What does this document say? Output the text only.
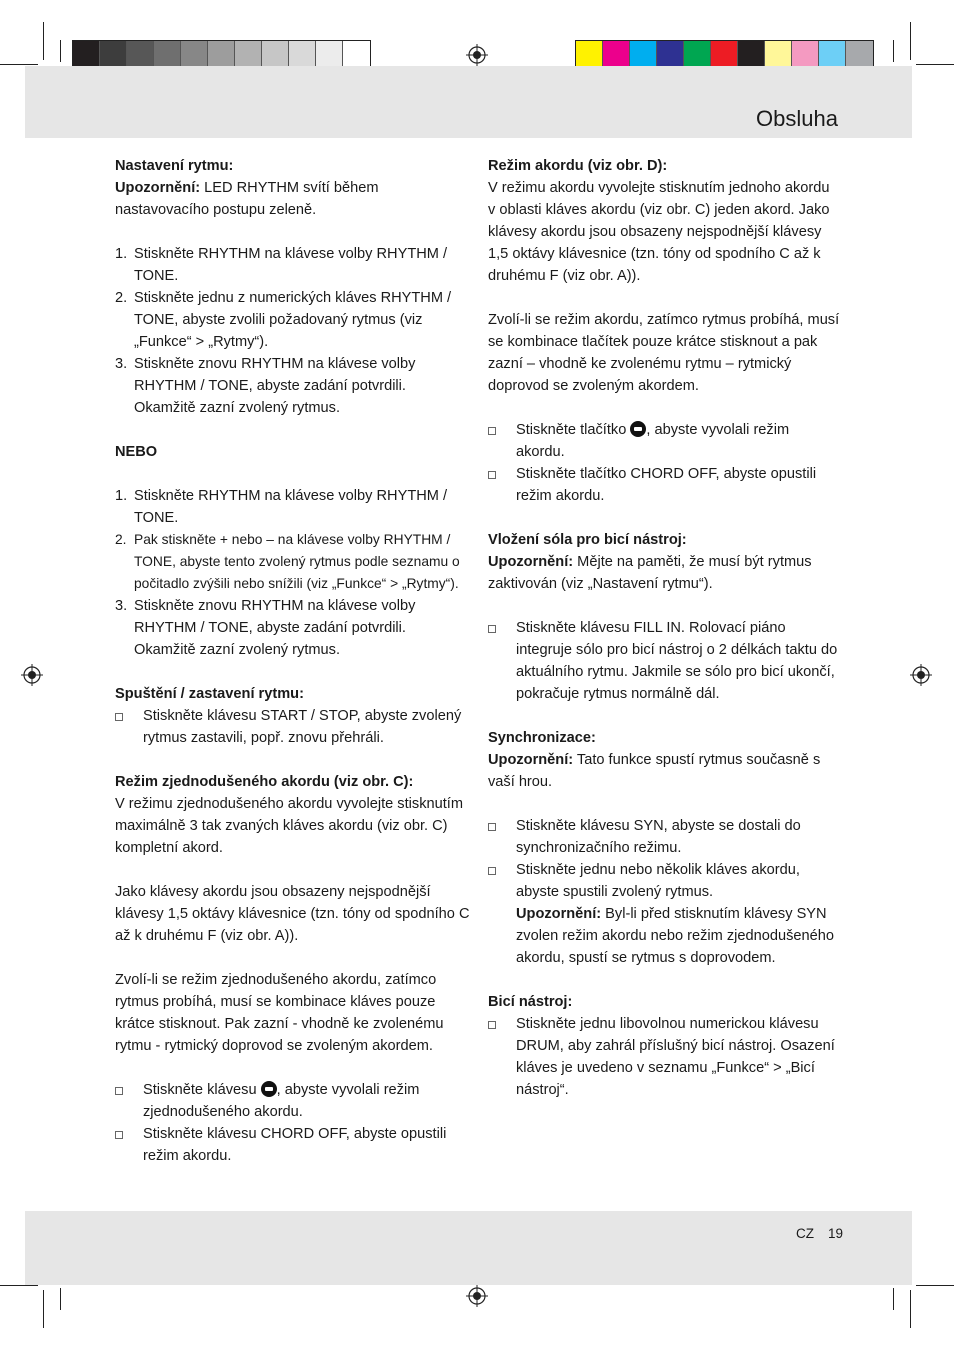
Obsluha
CZ 19

Nastavení rytmu:

Upozornění: LED RHYTHM svítí během nastavovacího postupu zeleně.

1. Stiskněte RHYTHM na klávese volby RHYTHM / TONE.
2. Stiskněte jednu z numerických kláves RHYTHM / TONE, abyste zvolili požadovaný rytmus (viz „Funkce“ > „Rytmy“).
3. Stiskněte znovu RHYTHM na klávese volby RHYTHM / TONE, abyste zadání potvrdili. Okamžitě zazní zvolený rytmus.

NEBO

1. Stiskněte RHYTHM na klávese volby RHYTHM / TONE.
2. Pak stiskněte + nebo – na klávese volby RHYTHM / TONE, abyste tento zvolený rytmus podle seznamu o počitadlo zvýšili nebo snížili (viz „Funkce“ > „Rytmy“).
3. Stiskněte znovu RHYTHM na klávese volby RHYTHM / TONE, abyste zadání potvrdili. Okamžitě zazní zvolený rytmus.

Spuštění / zastavení rytmu:

Stiskněte klávesu START / STOP, abyste zvolený rytmus zastavili, popř. znovu přehráli.

Režim zjednodušeného akordu (viz obr. C):

V režimu zjednodušeného akordu vyvolejte stisknutím maximálně 3 tak zvaných kláves akordu (viz obr. C) kompletní akord.

Jako klávesy akordu jsou obsazeny nejspodnější klávesy 1,5 oktávy klávesnice (tzn. tóny od spodního C až k druhému F (viz obr. A)).

Zvolí-li se režim zjednodušeného akordu, zatímco rytmus probíhá, musí se kombinace kláves pouze krátce stisknout. Pak zazní - vhodně ke zvolenému rytmu - rytmický doprovod se zvoleným akordem.

Stiskněte klávesu , abyste vyvolali režim zjednodušeného akordu.
Stiskněte klávesu CHORD OFF, abyste opustili režim akordu.

Režim akordu (viz obr. D):

V režimu akordu vyvolejte stisknutím jednoho akordu v oblasti kláves akordu (viz obr. C) jeden akord. Jako klávesy akordu jsou obsazeny nejspodnější klávesy 1,5 oktávy klávesnice (tzn. tóny od spodního C až k druhému F (viz obr. A)).

Zvolí-li se režim akordu, zatímco rytmus probíhá, musí se kombinace tlačítek pouze krátce stisknout a pak zazní – vhodně ke zvolenému rytmu – rytmický doprovod se zvoleným akordem.

Stiskněte tlačítko , abyste vyvolali režim akordu.
Stiskněte tlačítko CHORD OFF, abyste opustili režim akordu.

Vložení sóla pro bicí nástroj:

Upozornění: Mějte na paměti, že musí být rytmus zaktivován (viz „Nastavení rytmu“).

Stiskněte klávesu FILL IN. Rolovací piáno integruje sólo pro bicí nástroj o 2 délkách taktu do aktuálního rytmu. Jakmile se sólo pro bicí ukončí, pokračuje rytmus normálně dál.

Synchronizace:

Upozornění: Tato funkce spustí rytmus současně s vaší hrou.

Stiskněte klávesu SYN, abyste se dostali do synchronizačního režimu.
Stiskněte jednu nebo několik kláves akordu, abyste spustili zvolený rytmus.
Upozornění: Byl-li před stisknutím klávesy SYN zvolen režim akordu nebo režim zjednodušeného akordu, spustí se rytmus s doprovodem.

Bicí nástroj:

Stiskněte jednu libovolnou numerickou klávesu DRUM, aby zahrál příslušný bicí nástroj. Osazení kláves je uvedeno v seznamu „Funkce“ > „Bicí nástroj“.
